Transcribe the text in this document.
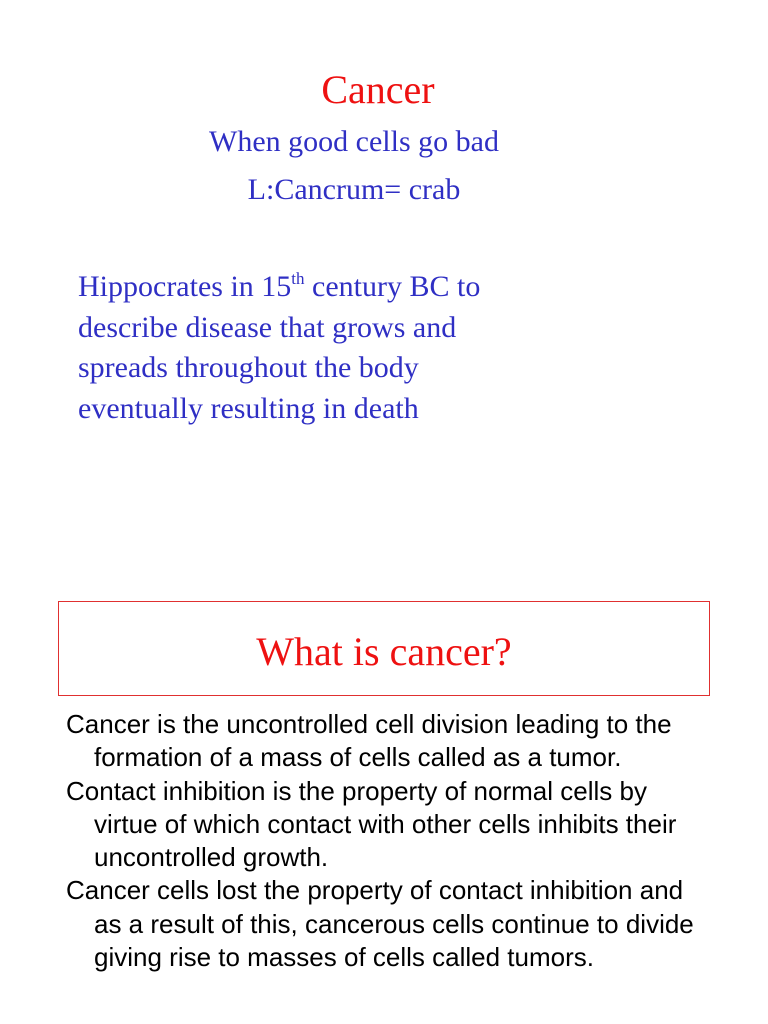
Cancer

When good cells go bad

L:Cancrum= crab

Hippocrates in 15th century BC to
describe disease that grows and
spreads throughout the body
eventually resulting in death

What is cancer?
Cancer is the uncontrolled cell division leading to the formation of a mass of cells called as a tumor.
Contact inhibition is the property of normal cells by virtue of which contact with other cells inhibits their uncontrolled growth.
Cancer cells lost the property of contact inhibition and as a result of this, cancerous cells continue to divide giving rise to masses of cells called tumors.
